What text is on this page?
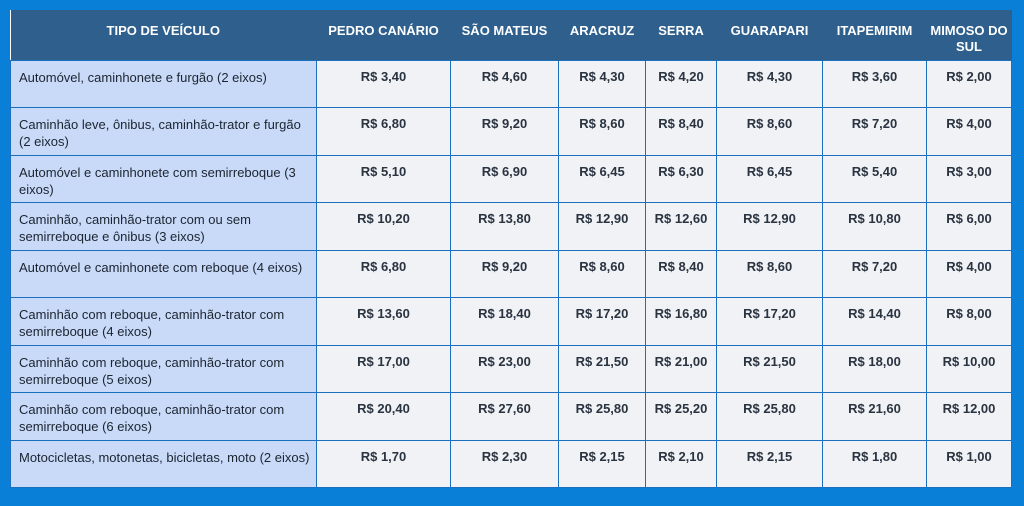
TIPO DE VEÍCULO	PEDRO CANÁRIO	SÃO MATEUS	ARACRUZ	SERRA	GUARAPARI	ITAPEMIRIM	MIMOSO DO SUL
Automóvel, caminhonete e furgão (2 eixos)	R$ 3,40	R$ 4,60	R$ 4,30	R$ 4,20	R$ 4,30	R$ 3,60	R$ 2,00
Caminhão leve, ônibus, caminhão-trator e furgão (2 eixos)	R$ 6,80	R$ 9,20	R$ 8,60	R$ 8,40	R$ 8,60	R$ 7,20	R$ 4,00
Automóvel e caminhonete com semirreboque (3 eixos)	R$ 5,10	R$ 6,90	R$ 6,45	R$ 6,30	R$ 6,45	R$ 5,40	R$ 3,00
Caminhão, caminhão-trator com ou sem semirreboque e ônibus (3 eixos)	R$ 10,20	R$ 13,80	R$ 12,90	R$ 12,60	R$ 12,90	R$ 10,80	R$ 6,00
Automóvel e caminhonete com reboque (4 eixos)	R$ 6,80	R$ 9,20	R$ 8,60	R$ 8,40	R$ 8,60	R$ 7,20	R$ 4,00
Caminhão com reboque, caminhão-trator com semirreboque (4 eixos)	R$ 13,60	R$ 18,40	R$ 17,20	R$ 16,80	R$ 17,20	R$ 14,40	R$ 8,00
Caminhão com reboque, caminhão-trator com semirreboque (5 eixos)	R$ 17,00	R$ 23,00	R$ 21,50	R$ 21,00	R$ 21,50	R$ 18,00	R$ 10,00
Caminhão com reboque, caminhão-trator com semirreboque (6 eixos)	R$ 20,40	R$ 27,60	R$ 25,80	R$ 25,20	R$ 25,80	R$ 21,60	R$ 12,00
Motocicletas, motonetas, bicicletas, moto (2 eixos)	R$ 1,70	R$ 2,30	R$ 2,15	R$ 2,10	R$ 2,15	R$ 1,80	R$ 1,00
